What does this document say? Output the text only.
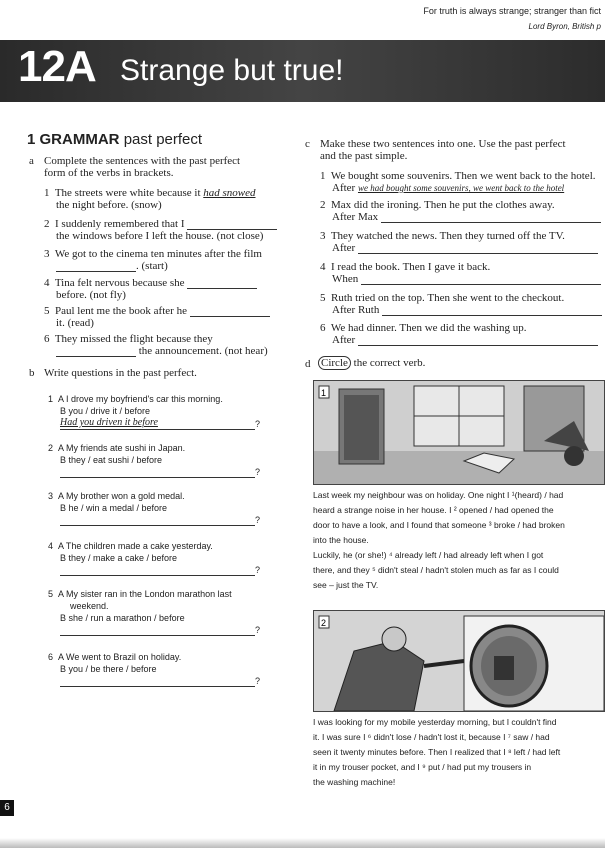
For truth is always strange; stranger than fict
Lord Byron, British p
12A Strange but true!
1 GRAMMAR past perfect
a Complete the sentences with the past perfect
form of the verbs in brackets.
1 The streets were white because it had snowed
the night before. (snow)
2 I suddenly remembered that I
the windows before I left the house. (not close)
3 We got to the cinema ten minutes after the film
. (start)
4 Tina felt nervous because she
before. (not fly)
5 Paul lent me the book after he
it. (read)
6 They missed the flight because they
the announcement. (not hear)
b Write questions in the past perfect.
1 A I drove my boyfriend's car this morning.
B you / drive it / before
Had you driven it before	?
2 A My friends ate sushi in Japan.
B they / eat sushi / before
?
3 A My brother won a gold medal.
B he / win a medal / before
?
4 A The children made a cake yesterday.
B they / make a cake / before
?
5 A My sister ran in the London marathon last
weekend.
B she / run a marathon / before
?
6 A We went to Brazil on holiday.
B you / be there / before
?
c Make these two sentences into one. Use the past perfect
and the past simple.
1 We bought some souvenirs. Then we went back to the hotel.
After we had bought some souvenirs, we went back to the hotel
2 Max did the ironing. Then he put the clothes away.
After Max
3 They watched the news. Then they turned off the TV.
After
4 I read the book. Then I gave it back.
When
5 Ruth tried on the top. Then she went to the checkout.
After Ruth
6 We had dinner. Then we did the washing up.
After
d Circle the correct verb.
1
Last week my neighbour was on holiday. One night I ¹(heard) / had
heard a strange noise in her house. I ² opened / had opened the
door to have a look, and I found that someone ³ broke / had broken
into the house.
Luckily, he (or she!) ⁴ already left / had already left when I got
there, and they ⁵ didn't steal / hadn't stolen much as far as I could
see – just the TV.
2
I was looking for my mobile yesterday morning, but I couldn't find
it. I was sure I ⁶ didn't lose / hadn't lost it, because I ⁷ saw / had
seen it twenty minutes before. Then I realized that I ⁸ left / had left
it in my trouser pocket, and I ⁹ put / had put my trousers in
the washing machine!
6
